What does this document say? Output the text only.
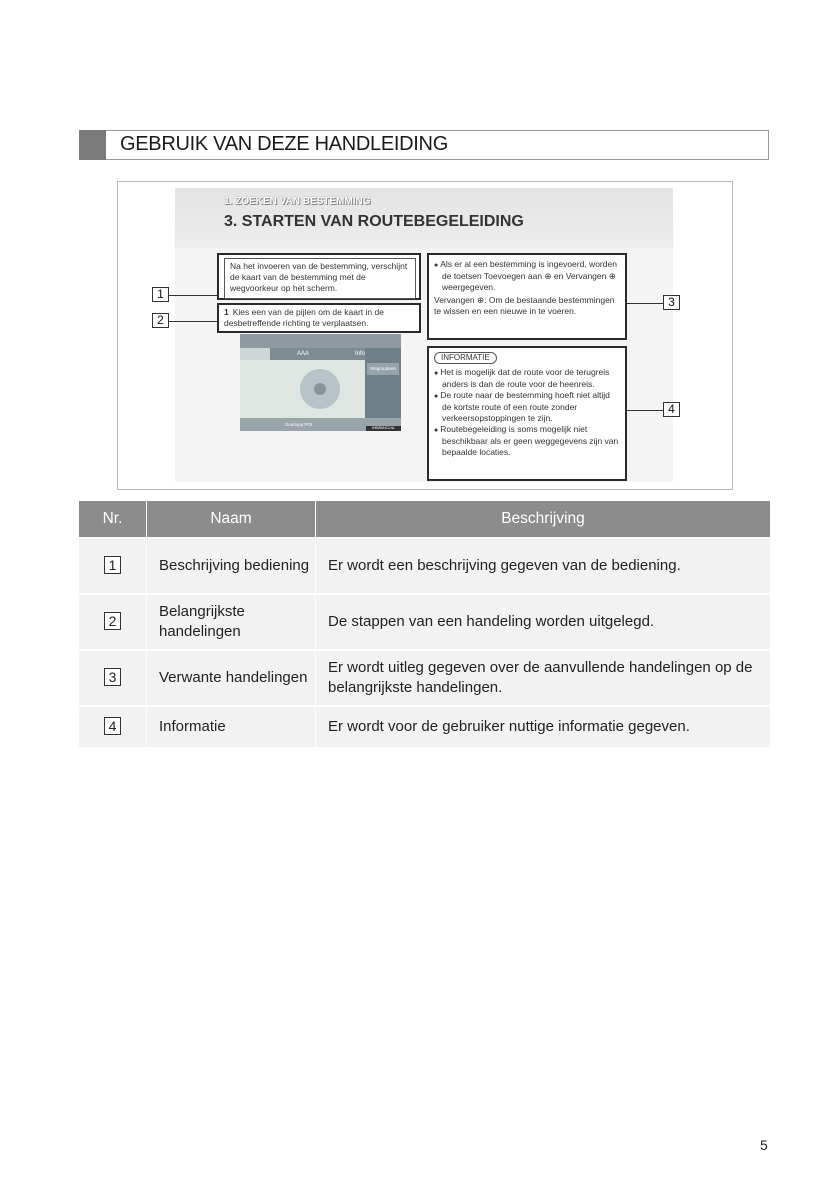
GEBRUIK VAN DEZE HANDLEIDING
1. ZOEKEN VAN BESTEMMING
3. STARTEN VAN ROUTEBEGELEIDING

Na het invoeren van de bestemming, verschijnt de kaart van de bestemming met de wegvoorkeur op het scherm.

1 Kies een van de pijlen om de kaart in de desbetreffende richting te verplaatsen.

AAA	Info
Wegrouteren
Doorlopp POI
IHBWM4CLNL
● Als er al een bestemming is ingevoerd, worden de toetsen Toevoegen aan ⊕ en Vervangen ⊕ weergegeven.

Vervangen ⊕: Om de bestaande bestemmingen te wissen en een nieuwe in te voeren.

INFORMATIE
● Het is mogelijk dat de route voor de terugreis anders is dan de route voor de heenreis.
● De route naar de bestemming hoeft niet altijd de kortste route of een route zonder verkeersopstoppingen te zijn.
● Routebegeleiding is soms mogelijk niet beschikbaar als er geen weggegevens zijn van bepaalde locaties.
1
2
3
4
Nr.	Naam	Beschrijving
1	Beschrijving bediening	Er wordt een beschrijving gegeven van de bediening.
2	Belangrijkste handelingen	De stappen van een handeling worden uitgelegd.
3	Verwante handelingen	Er wordt uitleg gegeven over de aanvullende handelingen op de belangrijkste handelingen.
4	Informatie	Er wordt voor de gebruiker nuttige informatie gegeven.
5
